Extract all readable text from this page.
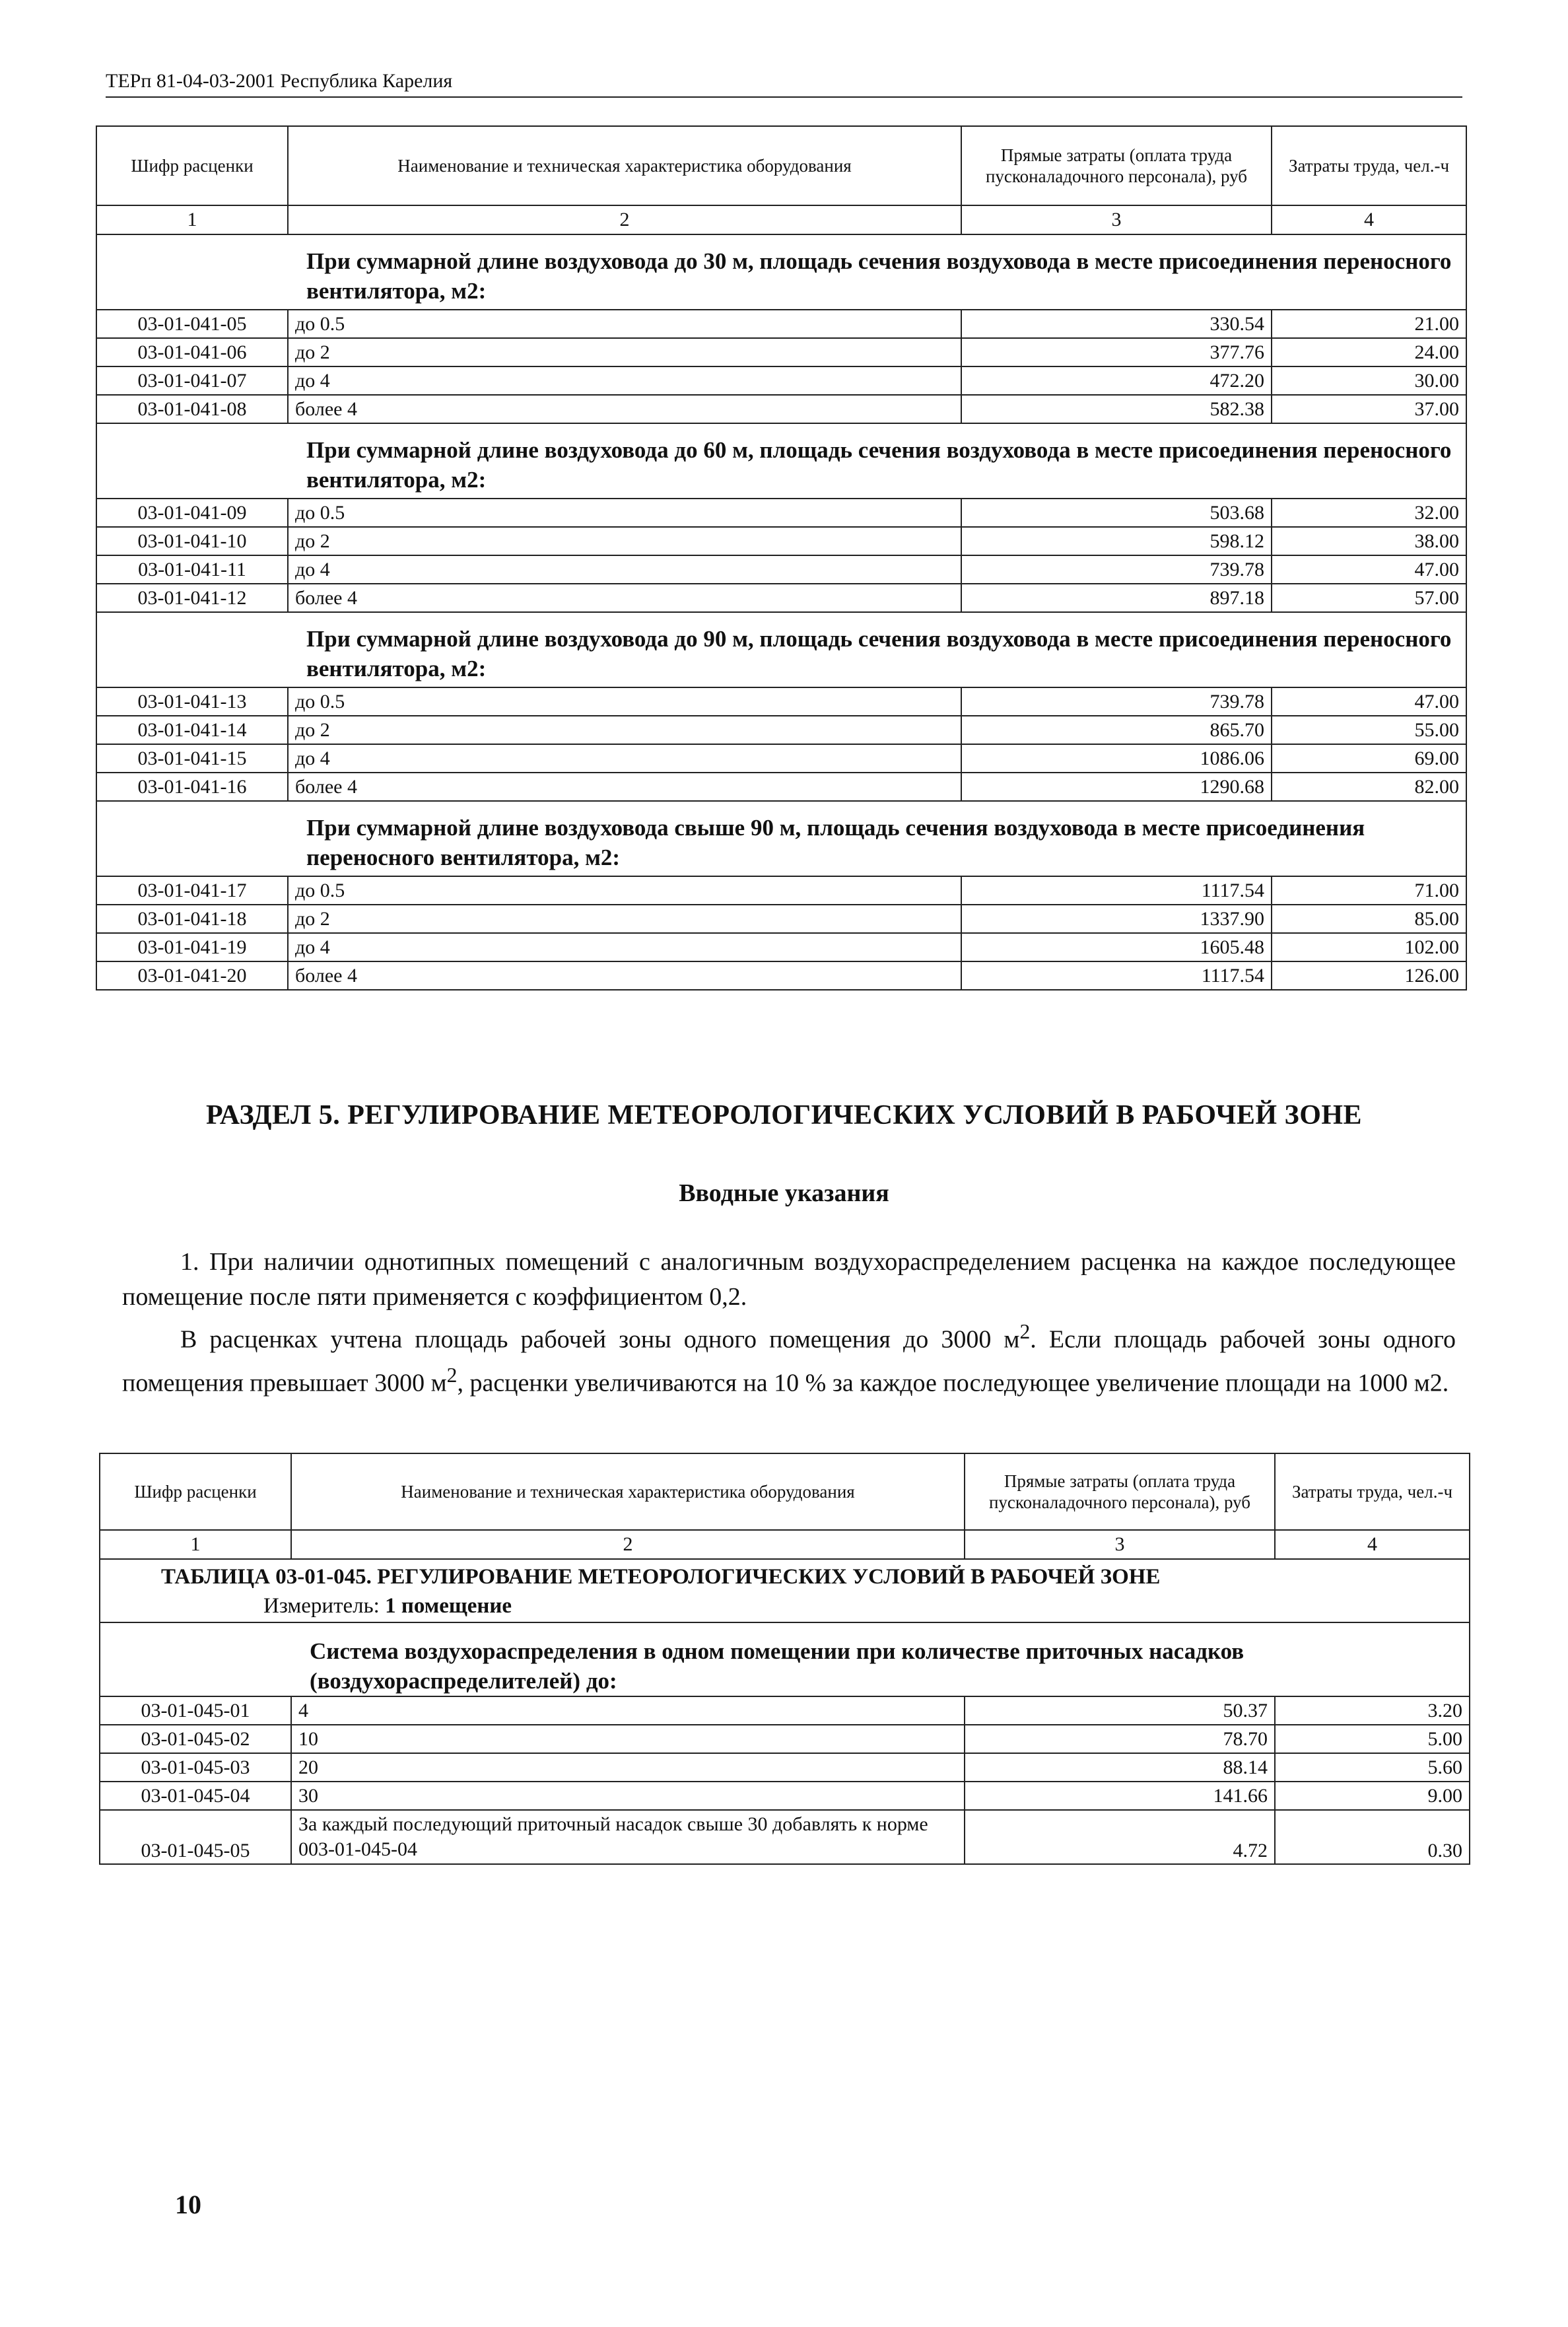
ТЕРп 81-04-03-2001 Республика Карелия
Шифр расценки	Наименование и техническая характеристика оборудования	Прямые затраты (оплата труда пусконаладочного персонала), руб	Затраты труда, чел.-ч
1	2	3	4
При суммарной длине воздуховода до 30 м, площадь сечения воздуховода в месте присоединения переносного вентилятора, м2:			
03-01-041-05	до 0.5	330.54	21.00
03-01-041-06	до 2	377.76	24.00
03-01-041-07	до 4	472.20	30.00
03-01-041-08	более 4	582.38	37.00
При суммарной длине воздуховода до 60 м, площадь сечения воздуховода в месте присоединения переносного вентилятора, м2:			
03-01-041-09	до 0.5	503.68	32.00
03-01-041-10	до 2	598.12	38.00
03-01-041-11	до 4	739.78	47.00
03-01-041-12	более 4	897.18	57.00
При суммарной длине воздуховода до 90 м, площадь сечения воздуховода в месте присоединения переносного вентилятора, м2:			
03-01-041-13	до 0.5	739.78	47.00
03-01-041-14	до 2	865.70	55.00
03-01-041-15	до 4	1086.06	69.00
03-01-041-16	более 4	1290.68	82.00
При суммарной длине воздуховода свыше 90 м, площадь сечения воздуховода в месте присоединения переносного вентилятора, м2:			
03-01-041-17	до 0.5	1117.54	71.00
03-01-041-18	до 2	1337.90	85.00
03-01-041-19	до 4	1605.48	102.00
03-01-041-20	более 4	1117.54	126.00
РАЗДЕЛ 5. РЕГУЛИРОВАНИЕ МЕТЕОРОЛОГИЧЕСКИХ УСЛОВИЙ В РАБОЧЕЙ ЗОНЕ
Вводные указания
1. При наличии однотипных помещений с аналогичным воздухораспределением расценка на каждое последующее помещение после пяти применяется с коэффициентом 0,2.
В расценках учтена площадь рабочей зоны одного помещения до 3000 $м^2$. Если площадь рабочей зоны одного помещения превышает 3000 $м^2$, расценки увеличиваются на 10 % за каждое последующее увеличение площади на 1000 м2.
Шифр расценки	Наименование и техническая характеристика оборудования	Прямые затраты (оплата труда пусконаладочного персонала), руб	Затраты труда, чел.-ч
1	2	3	4

ТАБЛИЦА 03-01-045. РЕГУЛИРОВАНИЕ МЕТЕОРОЛОГИЧЕСКИХ УСЛОВИЙ В РАБОЧЕЙ ЗОНЕ
Измеритель: 1 помещение			

Система воздухораспределения в одном помещении при количестве приточных насадков (воздухораспределителей) до:			
03-01-045-01	4	50.37	3.20
03-01-045-02	10	78.70	5.00
03-01-045-03	20	88.14	5.60
03-01-045-04	30	141.66	9.00
03-01-045-05	За каждый последующий приточный насадок свыше 30 добавлять к норме 003-01-045-04	4.72	0.30
10
